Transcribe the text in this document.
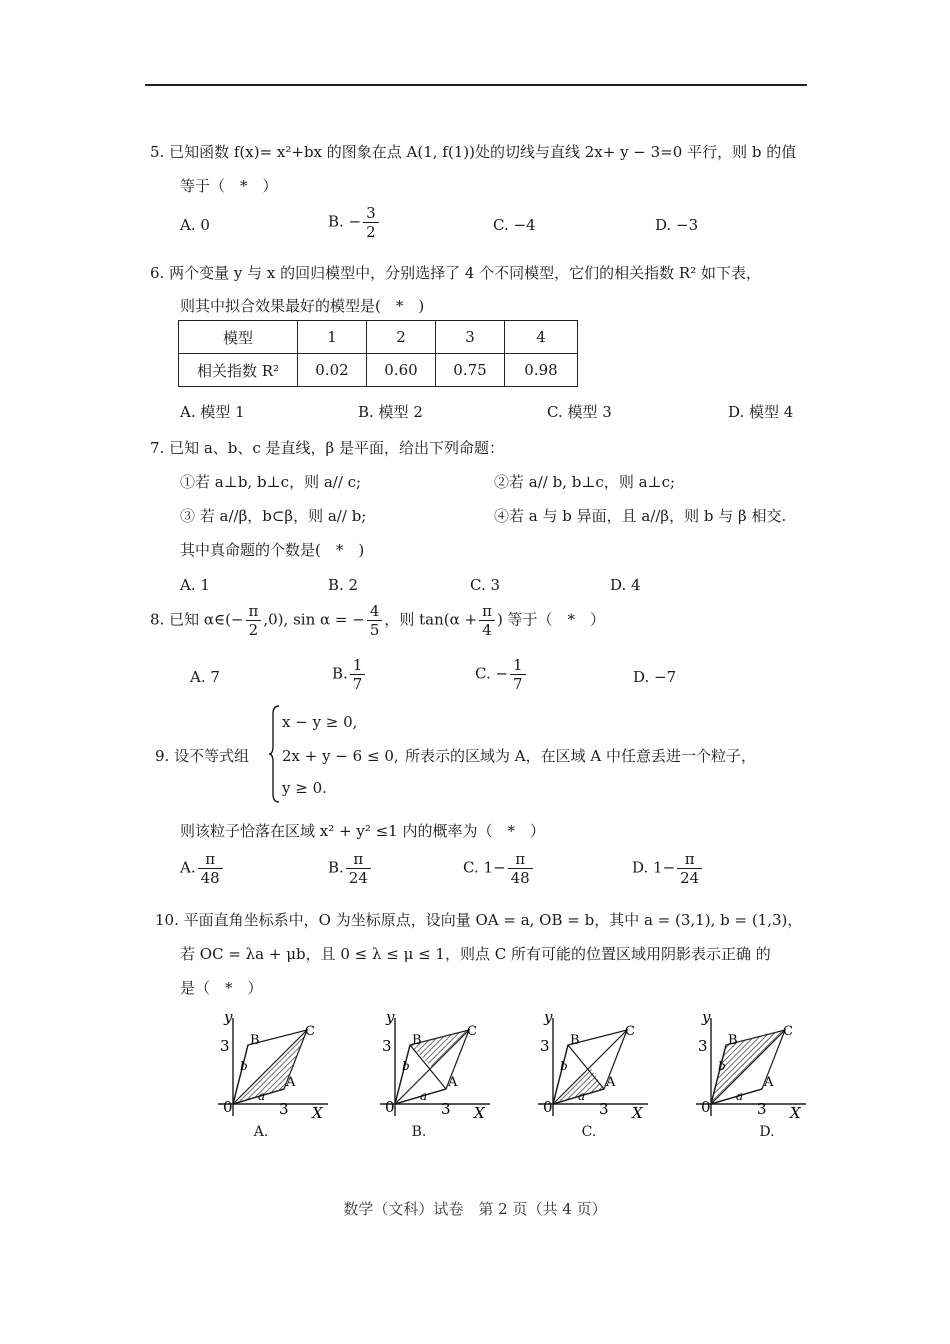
5. 已知函数 f(x)= x²+bx 的图象在点 A(1, f(1))处的切线与直线 2x+ y − 3=0 平行，则 b 的值
等于（　*　）
A. 0	B. − $\frac{3}{2}$	C. −4	D. −3
6. 两个变量 y 与 x 的回归模型中，分别选择了 4 个不同模型，它们的相关指数 R² 如下表，
则其中拟合效果最好的模型是(　*　)
模型	1	2	3	4
相关指数 R²	0.02	0.60	0.75	0.98
A. 模型 1	B. 模型 2	C. 模型 3	D. 模型 4
7. 已知 a、b、c 是直线，β 是平面，给出下列命题：
①若 a⊥b, b⊥c，则 a// c;	②若 a// b, b⊥c，则 a⊥c;
③ 若 a//β，b⊂β，则 a// b;	④若 a 与 b 异面，且 a//β，则 b 与 β 相交.
其中真命题的个数是(　*　)
A. 1	B. 2	C. 3	D. 4
8. 已知 α∈(− $\frac{\pi}{2} ,0$), sin α = − $\frac{4}{5}$ ，则 $\tan(\alpha + \frac{\pi}{4}$ ) 等于（　*　）
A. 7	B. $\frac{1}{7}$	C. − $\frac{1}{7}$	D. −7
9. 设不等式组
x − y ≥ 0,
2x + y − 6 ≤ 0,
y ≥ 0.
所表示的区域为 A，在区域 A 中任意丢进一个粒子，
则该粒子恰落在区域 x² + y² ≤1 内的概率为（　*　）
A. $\frac{\pi}{48}$	B. $\frac{\pi}{24}$	C. $1- \frac{\pi}{48}$	D. $1- \frac{\pi}{24}$
10. 平面直角坐标系中，O 为坐标原点，设向量 OA = a, OB = b，其中 a = (3,1), b = (1,3)，
若 OC = λa + μb，且 0 ≤ λ ≤ μ ≤ 1，则点 C 所有可能的位置区域用阴影表示正确 的
是（　*　）
y
X
0
3
3
B
C
A
b
a
A.
y
X
0
3
3
B
C
A
b
a
B.
y
X
0
3
3
B
C
A
b
a
C.
y
X
0
3
3
B
C
A
b
a
D.
数学（文科）试卷　第 2 页（共 4 页）
